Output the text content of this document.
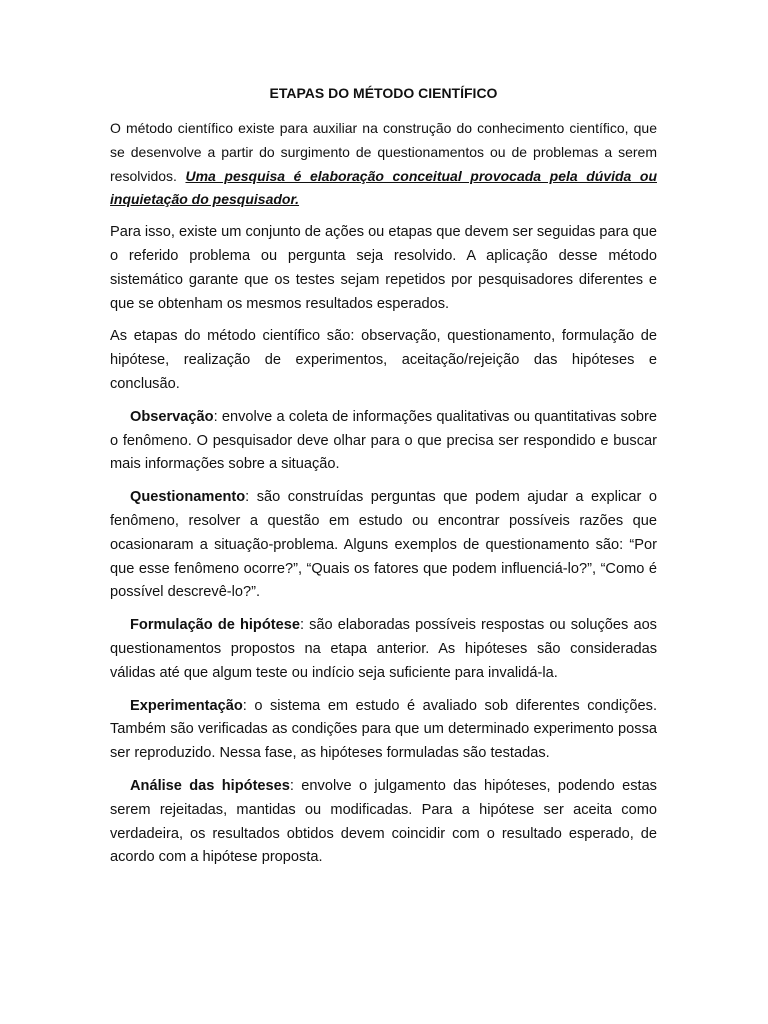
ETAPAS DO MÉTODO CIENTÍFICO

O método científico existe para auxiliar na construção do conhecimento científico, que se desenvolve a partir do surgimento de questionamentos ou de problemas a serem resolvidos. Uma pesquisa é elaboração conceitual provocada pela dúvida ou inquietação do pesquisador.

Para isso, existe um conjunto de ações ou etapas que devem ser seguidas para que o referido problema ou pergunta seja resolvido. A aplicação desse método sistemático garante que os testes sejam repetidos por pesquisadores diferentes e que se obtenham os mesmos resultados esperados.

As etapas do método científico são: observação, questionamento, formulação de hipótese, realização de experimentos, aceitação/rejeição das hipóteses e conclusão.

Observação: envolve a coleta de informações qualitativas ou quantitativas sobre o fenômeno. O pesquisador deve olhar para o que precisa ser respondido e buscar mais informações sobre a situação.

Questionamento: são construídas perguntas que podem ajudar a explicar o fenômeno, resolver a questão em estudo ou encontrar possíveis razões que ocasionaram a situação-problema. Alguns exemplos de questionamento são: “Por que esse fenômeno ocorre?”, “Quais os fatores que podem influenciá-lo?”, “Como é possível descrevê-lo?”.

Formulação de hipótese: são elaboradas possíveis respostas ou soluções aos questionamentos propostos na etapa anterior. As hipóteses são consideradas válidas até que algum teste ou indício seja suficiente para invalidá-la.

Experimentação: o sistema em estudo é avaliado sob diferentes condições. Também são verificadas as condições para que um determinado experimento possa ser reproduzido. Nessa fase, as hipóteses formuladas são testadas.

Análise das hipóteses: envolve o julgamento das hipóteses, podendo estas serem rejeitadas, mantidas ou modificadas. Para a hipótese ser aceita como verdadeira, os resultados obtidos devem coincidir com o resultado esperado, de acordo com a hipótese proposta.
